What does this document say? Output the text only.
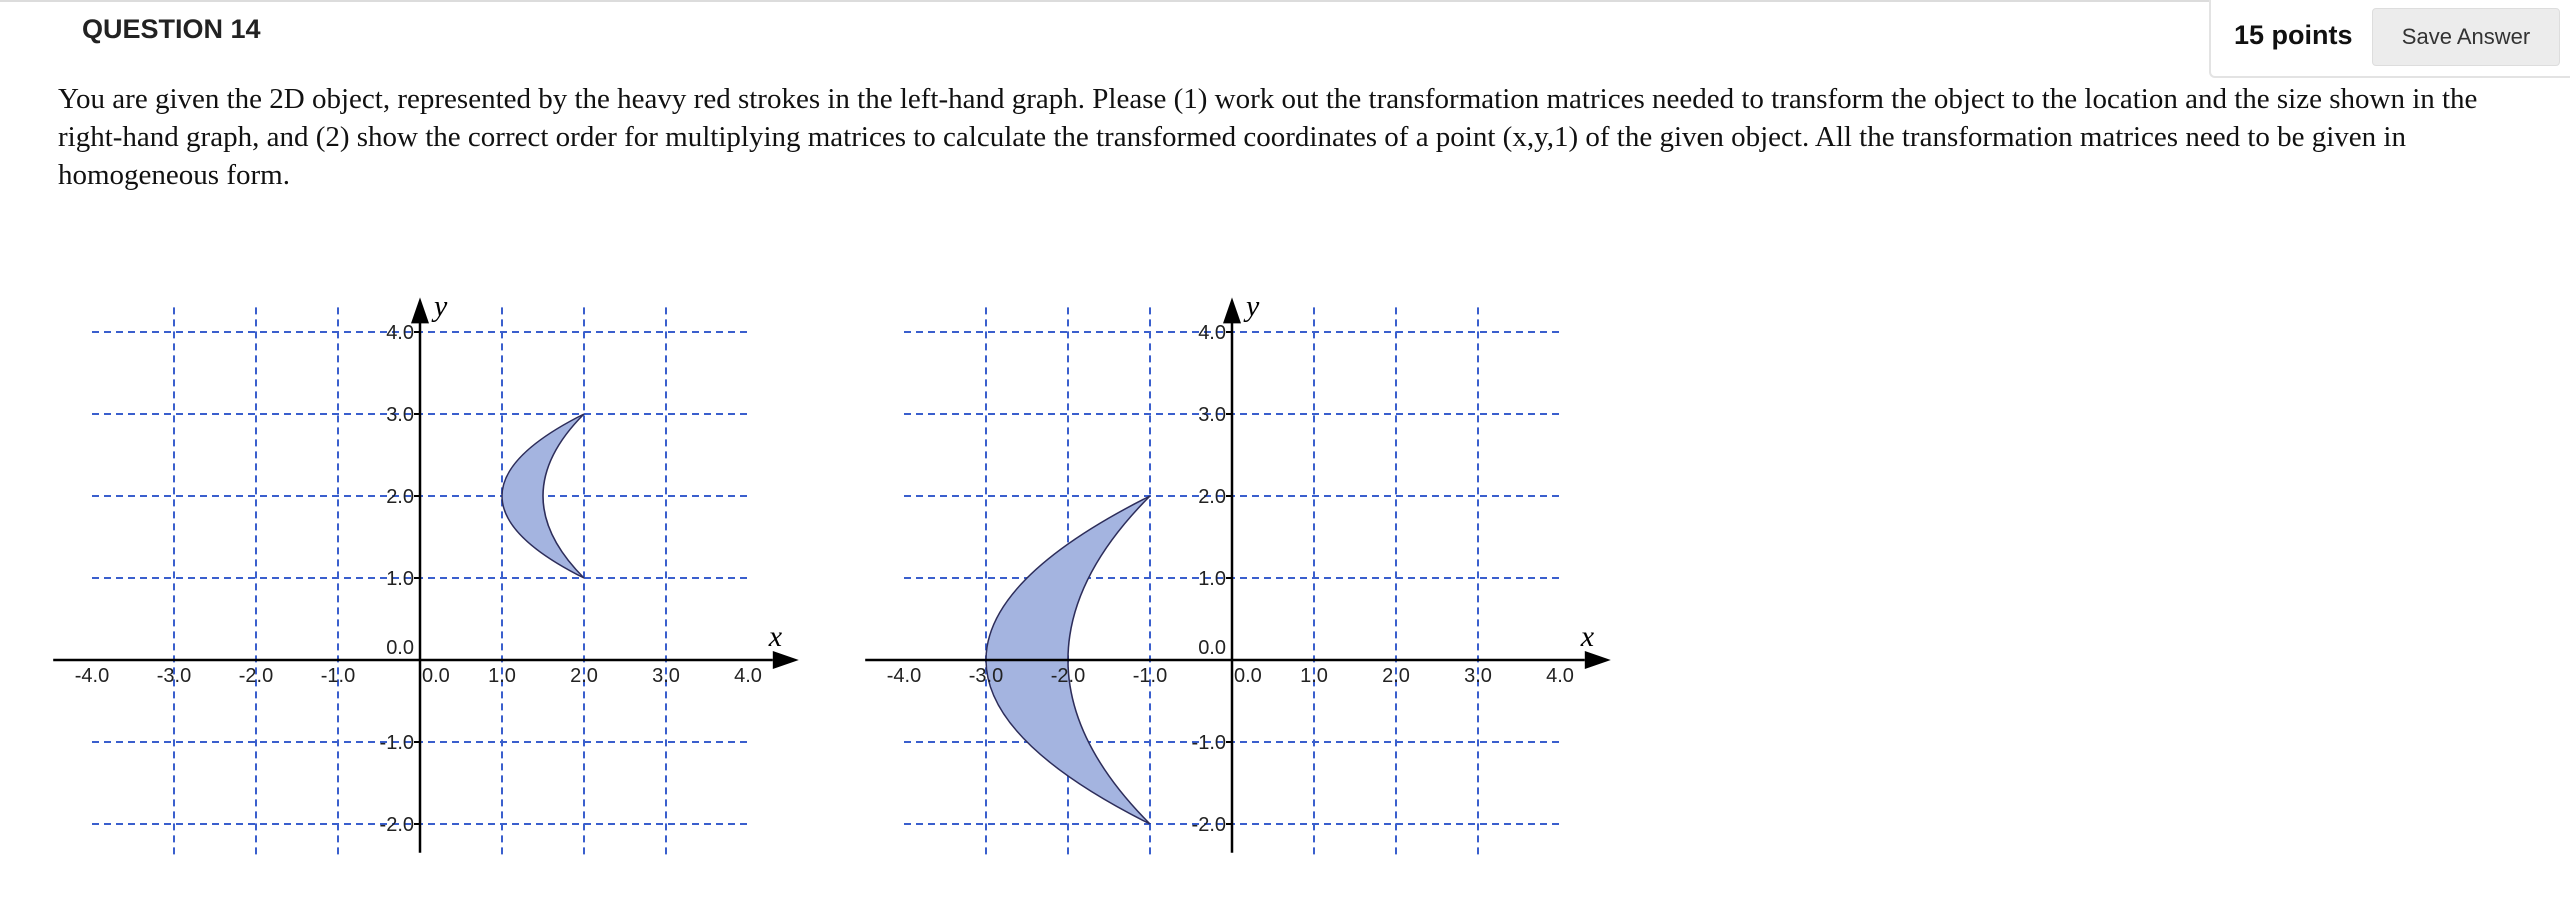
QUESTION 14	15 points	Save Answer

You are given the 2D object, represented by the heavy red strokes in the left-hand graph. Please (1) work out the transformation matrices needed to transform the object to the location and the size shown in the right-hand graph, and (2) show the correct order for multiplying matrices to calculate the transformed coordinates of a point (x,y,1) of the given object. All the transformation matrices need to be given in homogeneous form.

x
y
-4.0 -3.0 -2.0 -1.0	0.0 1.0	2.0	3.0	4.0
4.0
3.0
2.0
1.0
0.0
-1.0
-2.0
x
y
-4.0 -3.0 -2.0 -1.0	0.0 1.0	2.0	3.0	4.0
4.0
3.0
2.0
1.0
0.0
-1.0
-2.0
